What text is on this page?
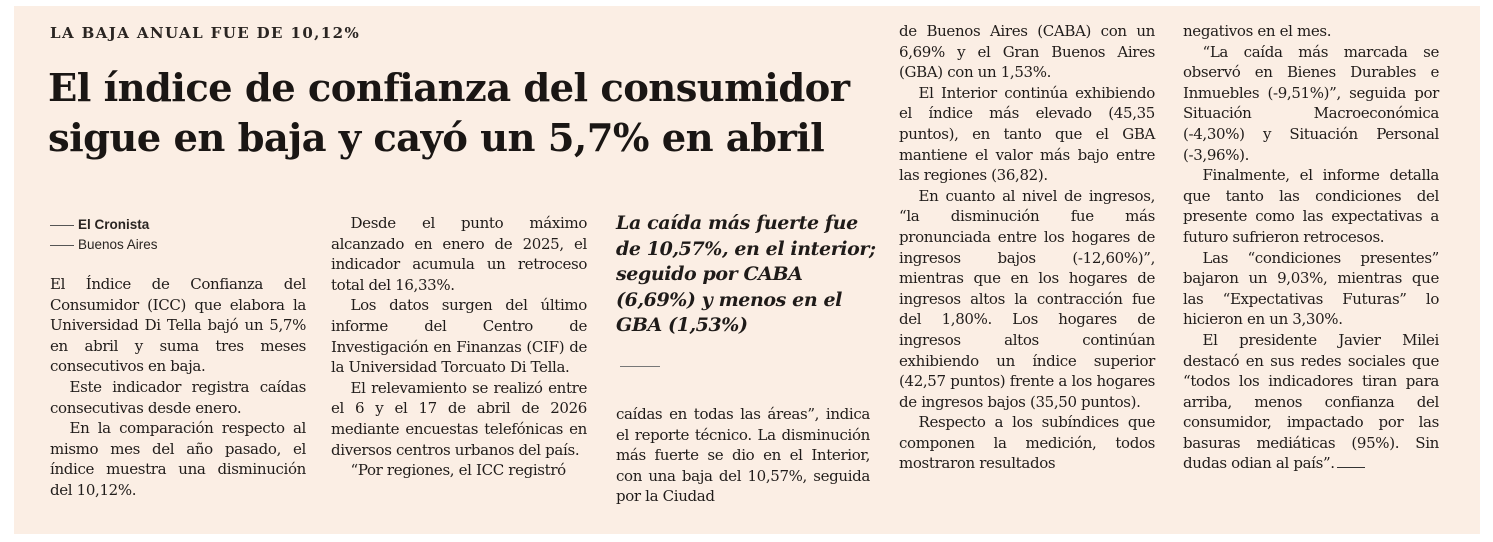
LA BAJA ANUAL FUE DE 10,12%
El índice de confianza del consumidor
sigue en baja y cayó un 5,7% en abril
El Cronista
Buenos Aires

El Índice de Confianza del Consumidor (ICC) que elabora la Universidad Di Tella bajó un 5,7% en abril y suma tres meses consecutivos en baja.

Este indicador registra caídas consecutivas desde enero.

En la comparación respecto al mismo mes del año pasado, el índice muestra una disminución del 10,12%.

Desde el punto máximo alcanzado en enero de 2025, el indicador acumula un retroceso total del 16,33%.

Los datos surgen del último informe del Centro de Investigación en Finanzas (CIF) de la Universidad Torcuato Di Tella.

El relevamiento se realizó entre el 6 y el 17 de abril de 2026 mediante encuestas telefónicas en diversos centros urbanos del país.

“Por regiones, el ICC registró

La caída más fuerte fue de 10,57%, en el interior; seguido por CABA (6,69%) y menos en el GBA (1,53%)

caídas en todas las áreas”, indica el reporte técnico. La disminución más fuerte se dio en el Interior, con una baja del 10,57%, seguida por la Ciudad

de Buenos Aires (CABA) con un 6,69% y el Gran Buenos Aires (GBA) con un 1,53%.

El Interior continúa exhibiendo el índice más elevado (45,35 puntos), en tanto que el GBA mantiene el valor más bajo entre las regiones (36,82).

En cuanto al nivel de ingresos, “la disminución fue más pronunciada entre los hogares de ingresos bajos (-12,60%)”, mientras que en los hogares de ingresos altos la contracción fue del 1,80%. Los hogares de ingresos altos continúan exhibiendo un índice superior (42,57 puntos) frente a los hogares de ingresos bajos (35,50 puntos).

Respecto a los subíndices que componen la medición, todos mostraron resultados

negativos en el mes.

“La caída más marcada se observó en Bienes Durables e Inmuebles (-9,51%)”, seguida por Situación Macroeconómica (-4,30%) y Situación Personal (-3,96%).

Finalmente, el informe detalla que tanto las condiciones del presente como las expectativas a futuro sufrieron retrocesos.

Las “condiciones presentes” bajaron un 9,03%, mientras que las “Expectativas Futuras” lo hicieron en un 3,30%.

El presidente Javier Milei destacó en sus redes sociales que “todos los indicadores tiran para arriba, menos confianza del consumidor, impactado por las basuras mediáticas (95%). Sin dudas odian al país”.
